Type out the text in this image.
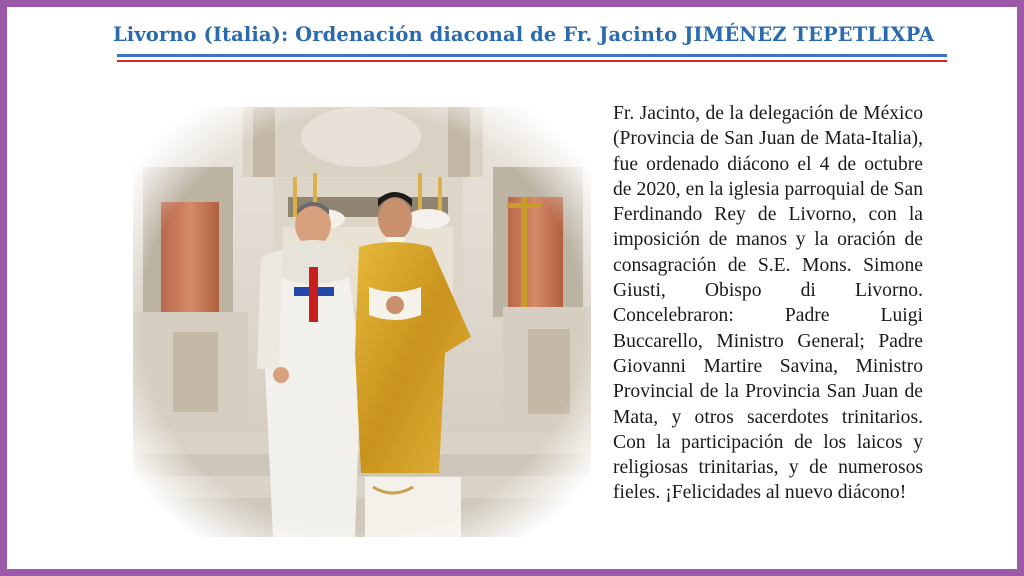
Livorno (Italia): Ordenación diaconal de Fr. Jacinto JIMÉNEZ TEPETLIXPA
Fr. Jacinto, de la delegación de México (Provincia de San Juan de Mata-Italia), fue ordenado diácono el 4 de octubre de 2020, en la iglesia parroquial de San Ferdinando Rey de Livorno, con la imposición de manos y la oración de consagración de S.E. Mons. Simone Giusti, Obispo di Livorno. Concelebraron: Padre Luigi Buccarello, Ministro General; Padre Giovanni Martire Savina, Ministro Provincial de la Provincia San Juan de Mata, y otros sacerdotes trinitarios. Con la participación de los laicos y religiosas trinitarias, y de numerosos fieles. ¡Felicidades al nuevo diácono!
